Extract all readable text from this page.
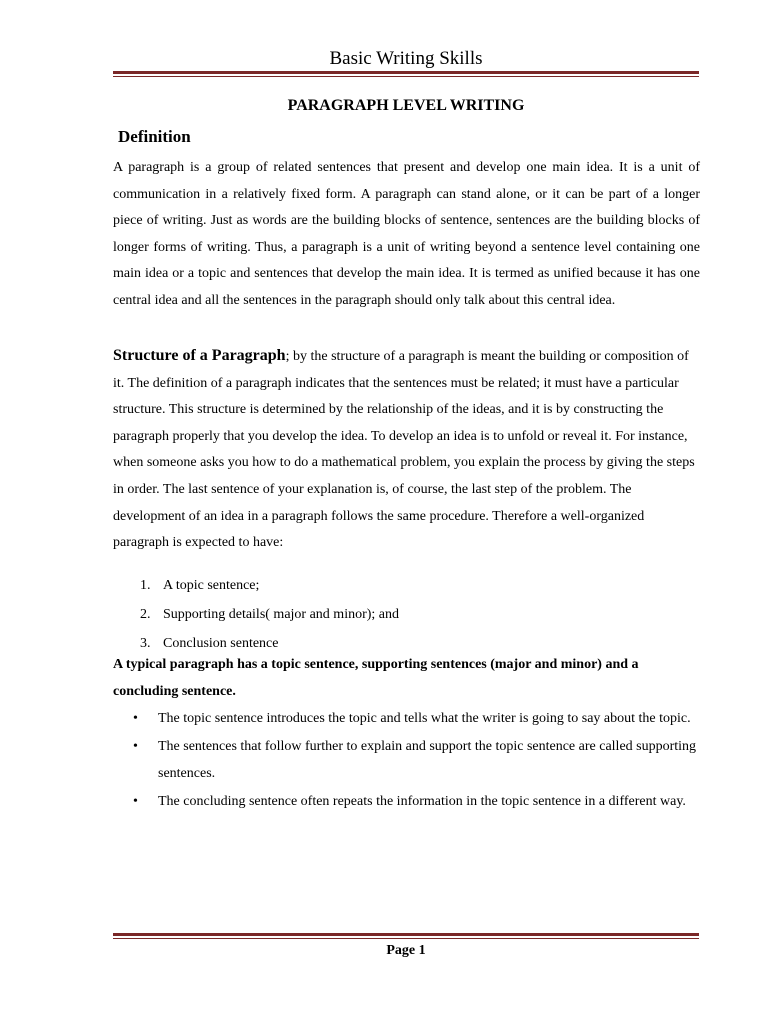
Basic Writing Skills
PARAGRAPH LEVEL WRITING
Definition

A paragraph is a group of related sentences that present and develop one main idea. It is a unit of communication in a relatively fixed form. A paragraph can stand alone, or it can be part of a longer piece of writing. Just as words are the building blocks of sentence, sentences are the building blocks of longer forms of writing. Thus, a paragraph is a unit of writing beyond a sentence level containing one main idea or a topic and sentences that develop the main idea. It is termed as unified because it has one central idea and all the sentences in the paragraph should only talk about this central idea.

Structure of a Paragraph; by the structure of a paragraph is meant the building or composition of it. The definition of a paragraph indicates that the sentences must be related; it must have a particular structure. This structure is determined by the relationship of the ideas, and it is by constructing the paragraph properly that you develop the idea. To develop an idea is to unfold or reveal it. For instance, when someone asks you how to do a mathematical problem, you explain the process by giving the steps in order. The last sentence of your explanation is, of course, the last step of the problem. The development of an idea in a paragraph follows the same procedure. Therefore a well-organized paragraph is expected to have:

1. A topic sentence;
2. Supporting details( major and minor); and
3. Conclusion sentence

A typical paragraph has a topic sentence, supporting sentences (major and minor) and a concluding sentence.

• The topic sentence introduces the topic and tells what the writer is going to say about the topic.
• The sentences that follow further to explain and support the topic sentence are called supporting sentences.
• The concluding sentence often repeats the information in the topic sentence in a different way.
Page 1
